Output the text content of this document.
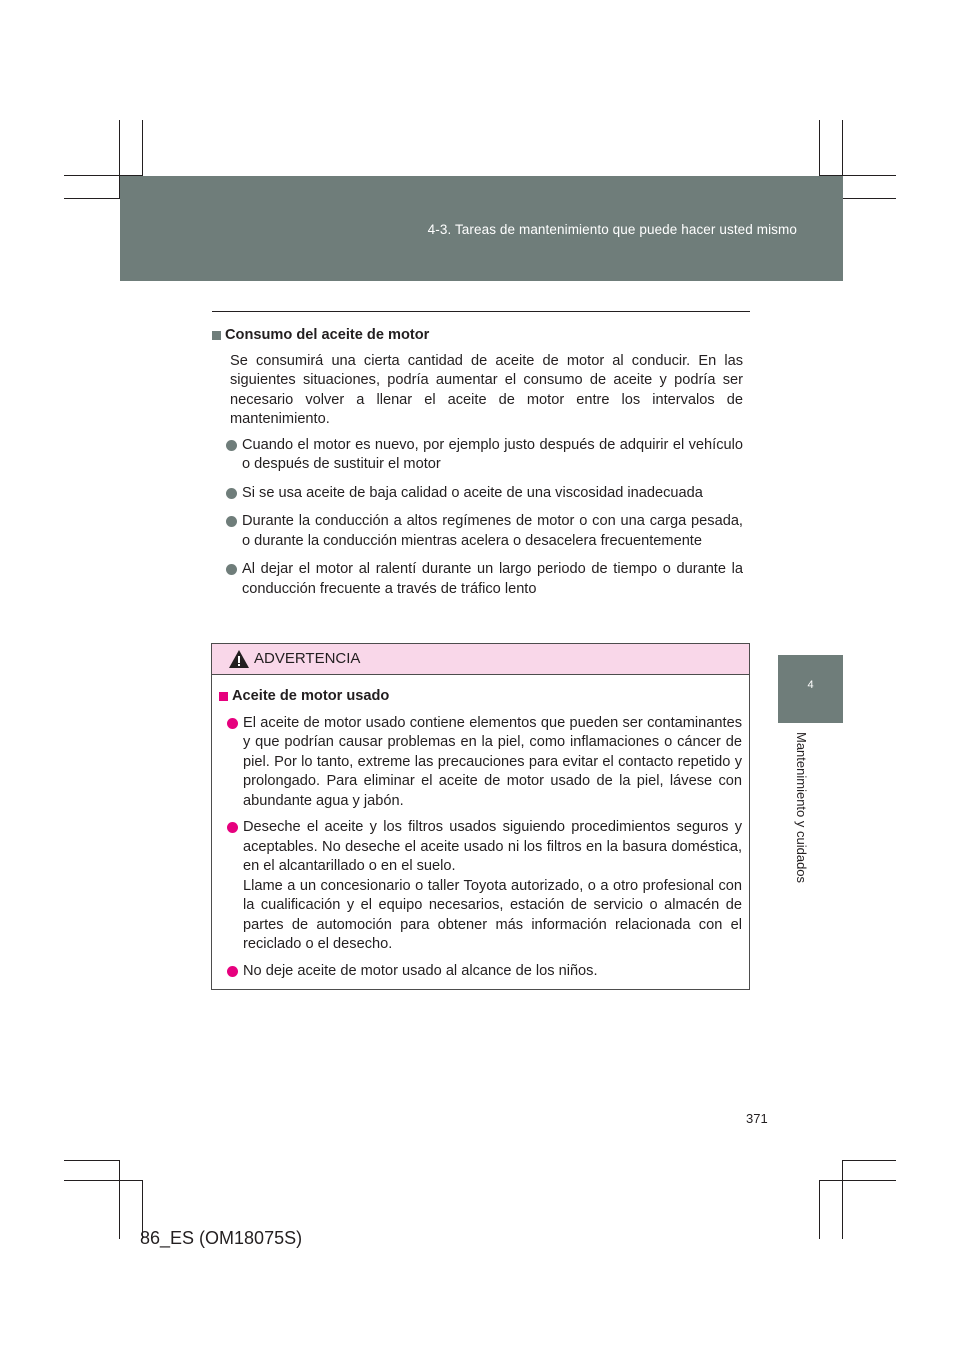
4-3. Tareas de mantenimiento que puede hacer usted mismo
4
Mantenimiento y cuidados
Consumo del aceite de motor
Se consumirá una cierta cantidad de aceite de motor al conducir. En las siguientes situaciones, podría aumentar el consumo de aceite y podría ser necesario volver a llenar el aceite de motor entre los intervalos de mantenimiento.
Cuando el motor es nuevo, por ejemplo justo después de adquirir el vehículo o después de sustituir el motor
Si se usa aceite de baja calidad o aceite de una viscosidad inadecuada
Durante la conducción a altos regímenes de motor o con una carga pesada, o durante la conducción mientras acelera o desacelera frecuentemente
Al dejar el motor al ralentí durante un largo periodo de tiempo o durante la conducción frecuente a través de tráfico lento
ADVERTENCIA
Aceite de motor usado
El aceite de motor usado contiene elementos que pueden ser contaminantes y que podrían causar problemas en la piel, como inflamaciones o cáncer de piel. Por lo tanto, extreme las precauciones para evitar el contacto repetido y prolongado. Para eliminar el aceite de motor usado de la piel, lávese con abundante agua y jabón.
Deseche el aceite y los filtros usados siguiendo procedimientos seguros y aceptables. No deseche el aceite usado ni los filtros en la basura doméstica, en el alcantarillado o en el suelo.
Llame a un concesionario o taller Toyota autorizado, o a otro profesional con la cualificación y el equipo necesarios, estación de servicio o almacén de partes de automoción para obtener más información relacionada con el reciclado o el desecho.
No deje aceite de motor usado al alcance de los niños.
371
86_ES (OM18075S)
